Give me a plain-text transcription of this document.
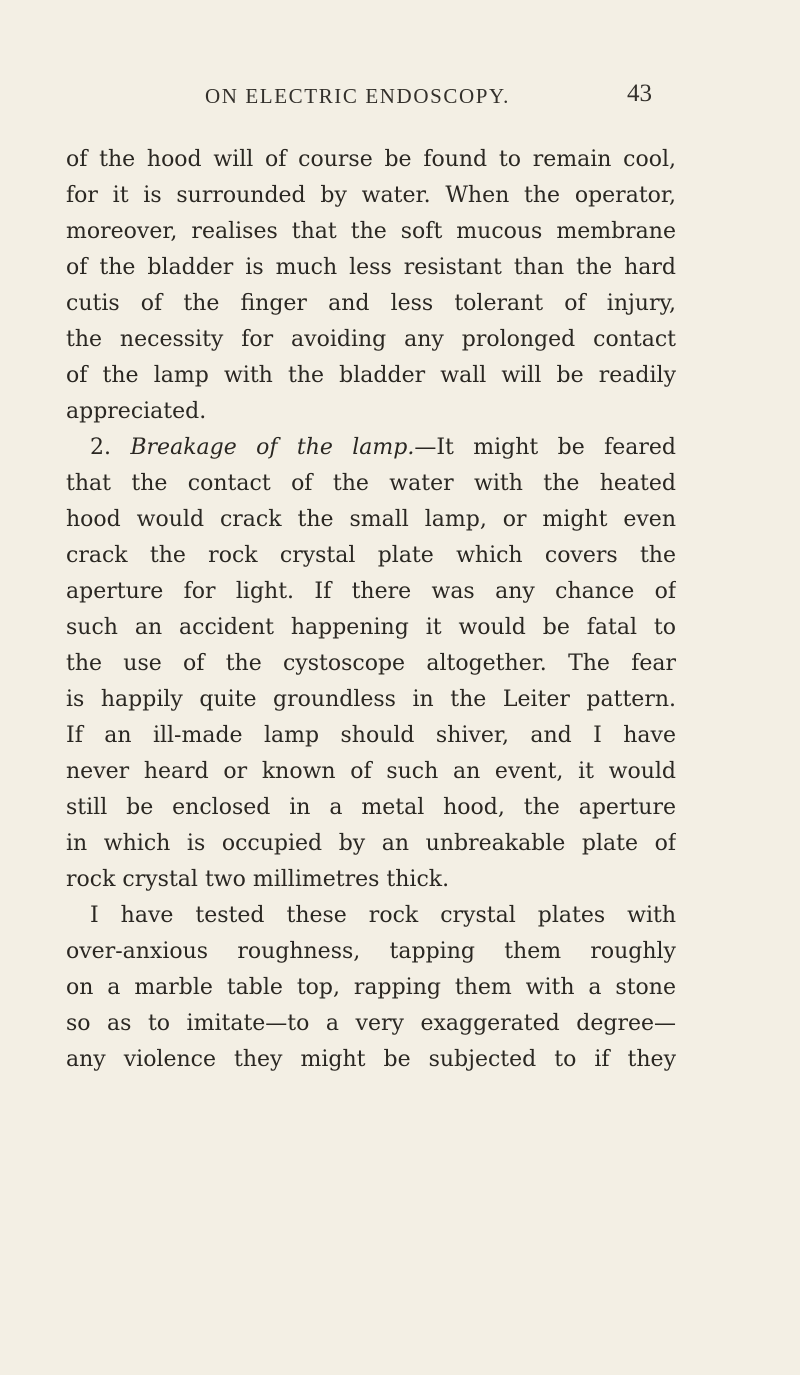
ON ELECTRIC ENDOSCOPY.	43
of the hood will of course be found to remain cool,
for it is surrounded by water. When the operator,
moreover, realises that the soft mucous membrane
of the bladder is much less resistant than the hard
cutis of the finger and less tolerant of injury,
the necessity for avoiding any prolonged contact
of the lamp with the bladder wall will be readily
appreciated.
2. Breakage of the lamp.—It might be feared
that the contact of the water with the heated
hood would crack the small lamp, or might even
crack the rock crystal plate which covers the
aperture for light. If there was any chance of
such an accident happening it would be fatal to
the use of the cystoscope altogether. The fear
is happily quite groundless in the Leiter pattern.
If an ill-made lamp should shiver, and I have
never heard or known of such an event, it would
still be enclosed in a metal hood, the aperture
in which is occupied by an unbreakable plate of
rock crystal two millimetres thick.
I have tested these rock crystal plates with
over-anxious roughness, tapping them roughly
on a marble table top, rapping them with a stone
so as to imitate—to a very exaggerated degree—
any violence they might be subjected to if they
